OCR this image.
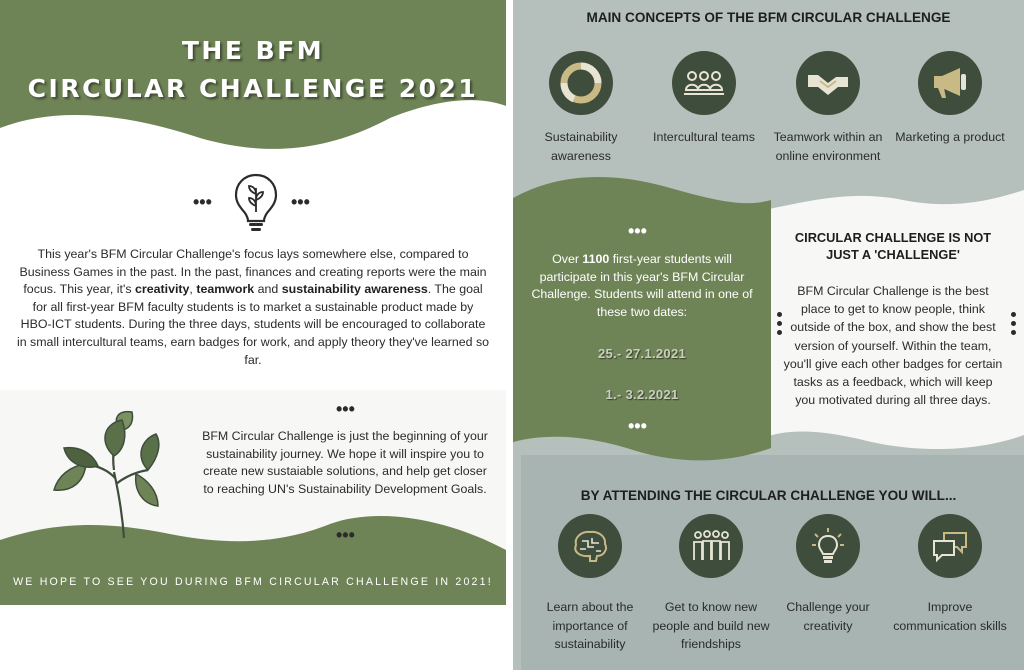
THE BFM
CIRCULAR CHALLENGE 2021
•••	•••

This year's BFM Circular Challenge's focus lays somewhere else, compared to Business Games in the past. In the past, finances and creating reports were the main focus. This year, it's creativity, teamwork and sustainability awareness. The goal for all first-year BFM faculty students is to market a sustainable product made by HBO-ICT students. During the three days, students will be encouraged to collaborate in small intercultural teams, earn badges for work, and apply theory they've learned so far.

•••

BFM Circular Challenge is just the beginning of your sustainability journey. We hope it will inspire you to create new sustaiable solutions, and help get closer to reaching UN's Sustainability Development Goals.

•••
WE HOPE TO SEE YOU DURING BFM CIRCULAR CHALLENGE IN 2021!
MAIN CONCEPTS OF THE BFM CIRCULAR CHALLENGE
Sustainability awareness
Intercultural teams	Teamwork within an online environment
Marketing a product
•••

Over 1100 first-year students will participate in this year's BFM Circular Challenge. Students will attend in one of these two dates:

25.- 27.1.2021
1.- 3.2.2021
•••
CIRCULAR CHALLENGE IS NOT JUST A 'CHALLENGE'

BFM Circular Challenge is the best place to get to know people, think outside of the box, and show the best version of yourself. Within the team, you'll give each other badges for certain tasks as a feedback, which will keep you motivated during all three days.

BY ATTENDING THE CIRCULAR CHALLENGE YOU WILL...
Learn about the importance of sustainability
Get to know new people and build new friendships
Challenge your creativity
Improve communication skills
